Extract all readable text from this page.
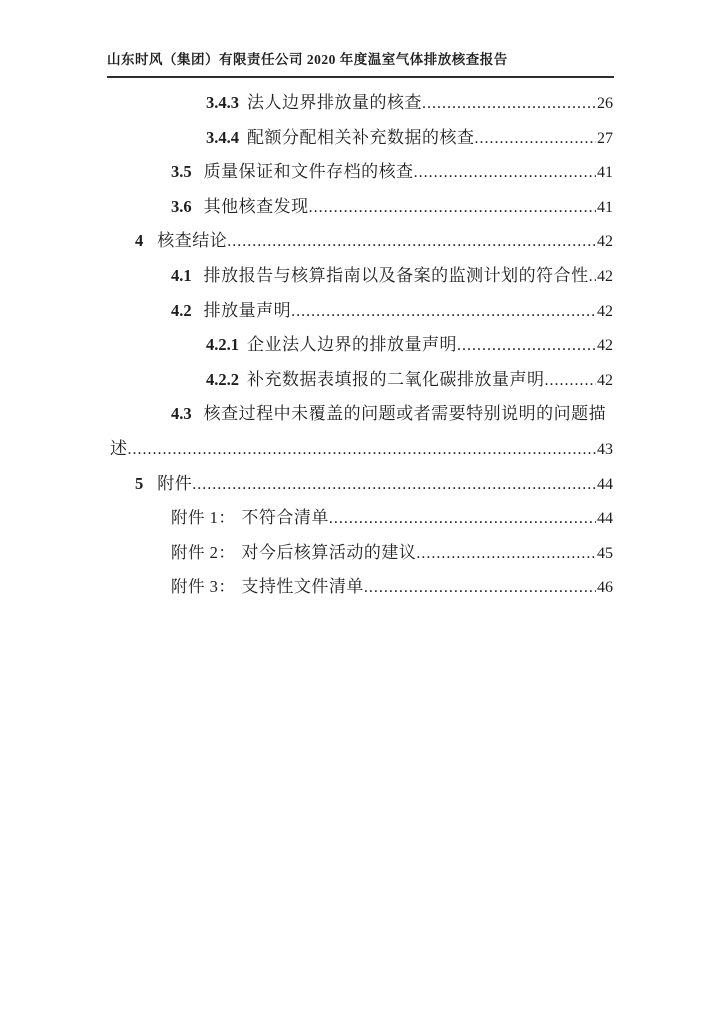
山东时风（集团）有限责任公司 2020 年度温室气体排放核查报告
3.4.3 法人边界排放量的核查 .....	26
3.4.4 配额分配相关补充数据的核查 .....	27
3.5 质量保证和文件存档的核查 .....	41
3.6 其他核查发现 .....	41
4 核查结论 .....	42
4.1 排放报告与核算指南以及备案的监测计划的符合性 ..... 42
4.2 排放量声明 .....	42
4.2.1 企业法人边界的排放量声明 .....	42
4.2.2 补充数据表填报的二氧化碳排放量声明 .....	42
4.3 核查过程中未覆盖的问题或者需要特别说明的问题描
述 .....	43
5 附件 .....	44
附件 1： 不符合清单 .....	44
附件 2： 对今后核算活动的建议 .....	45
附件 3： 支持性文件清单 .....	46
